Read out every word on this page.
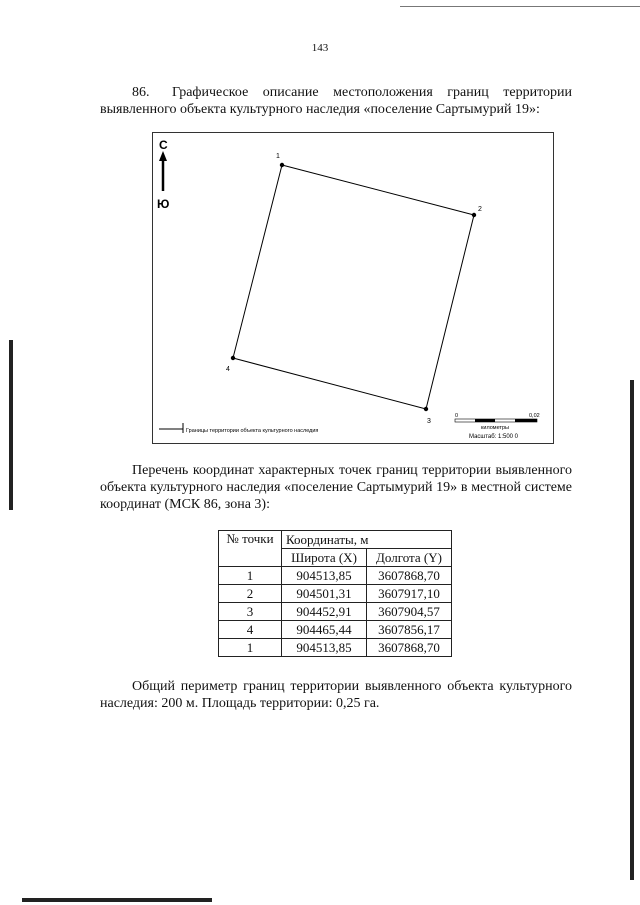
143
86. Графическое описание местоположения границ территории выявленного объекта культурного наследия «поселение Сартымурий 19»:
С
Ю
1
2
3
4
Границы территории объекта культурного наследия
0	0,02
километры
Масштаб: 1:500 0
Перечень координат характерных точек границ территории выявленного объекта культурного наследия «поселение Сартымурий 19» в местной системе координат (МСК 86, зона 3):
№ точки	Координаты, м	
	Широта (X)	Долгота (Y)
1	904513,85	3607868,70
2	904501,31	3607917,10
3	904452,91	3607904,57
4	904465,44	3607856,17
1	904513,85	3607868,70
Общий периметр границ территории выявленного объекта культурного наследия: 200 м. Площадь территории: 0,25 га.
